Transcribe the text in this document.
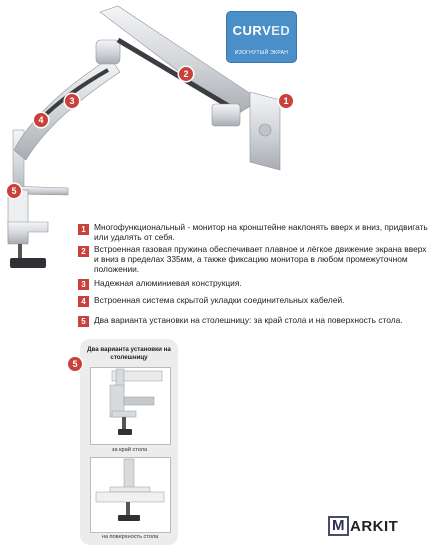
1
2
3
4
5
CURVED
ИЗОГНУТЫЙ ЭКРАН
1 Многофункциональный - монитор на кронштейне наклонять вверх и вниз, придвигать или удалять от себя.
2 Встроенная газовая пружина обеспечивает плавное и лёгкое движение экрана вверх и вниз в пределах 335мм, а также фиксацию монитора в любом промежуточном положении.
3 Надежная алюминиевая конструкция.
4 Встроенная система скрытой укладки соединительных кабелей.
5 Два варианта установки на столешницу: за край стола и на поверхность стола.
5
Два варианта установки на столешницу
за край стола
на поверхность стола
M ARKIT
